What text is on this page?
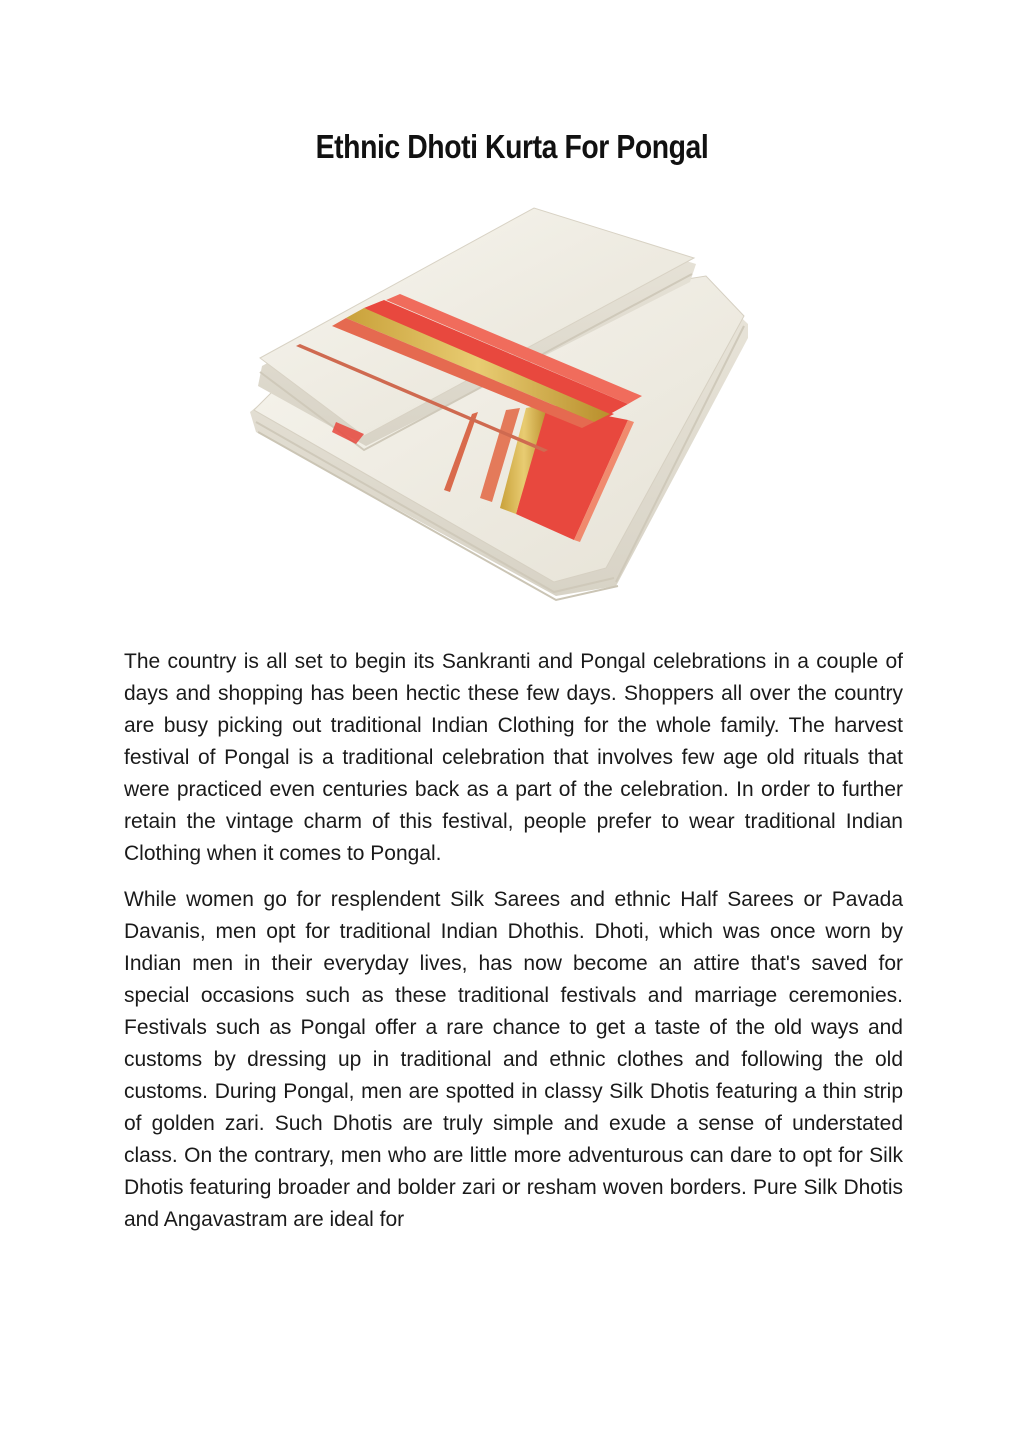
Ethnic Dhoti Kurta For Pongal

The country is all set to begin its Sankranti and Pongal celebrations in a couple of days and shopping has been hectic these few days. Shoppers all over the country are busy picking out traditional Indian Clothing for the whole family. The harvest festival of Pongal is a traditional celebration that involves few age old rituals that were practiced even centuries back as a part of the celebration. In order to further retain the vintage charm of this festival, people prefer to wear traditional Indian Clothing when it comes to Pongal.

While women go for resplendent Silk Sarees and ethnic Half Sarees or Pavada Davanis, men opt for traditional Indian Dhothis. Dhoti, which was once worn by Indian men in their everyday lives, has now become an attire that's saved for special occasions such as these traditional festivals and marriage ceremonies. Festivals such as Pongal offer a rare chance to get a taste of the old ways and customs by dressing up in traditional and ethnic clothes and following the old customs. During Pongal, men are spotted in classy Silk Dhotis featuring a thin strip of golden zari. Such Dhotis are truly simple and exude a sense of understated class. On the contrary, men who are little more adventurous can dare to opt for Silk Dhotis featuring broader and bolder zari or resham woven borders. Pure Silk Dhotis and Angavastram are ideal for
